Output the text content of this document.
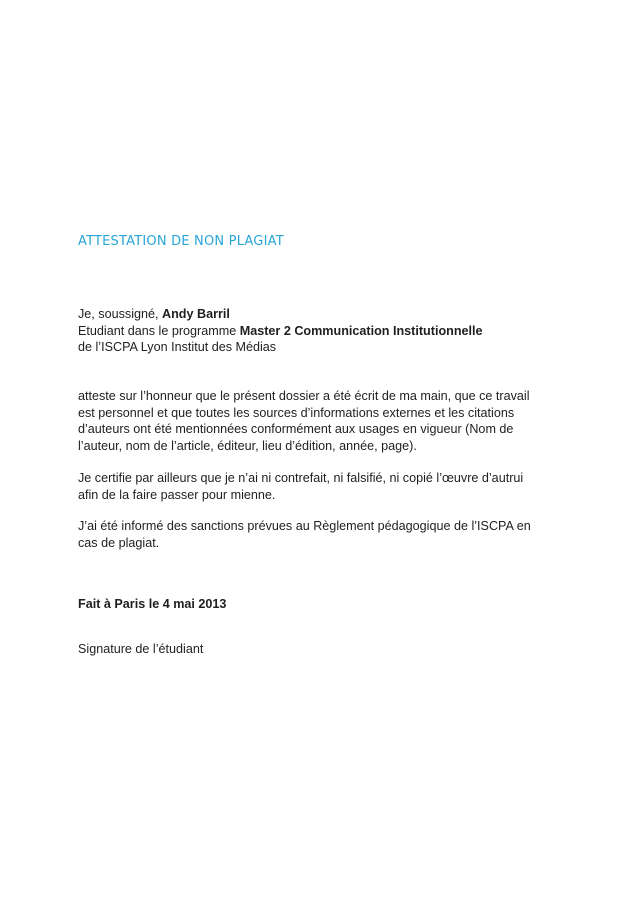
ATTESTATION DE NON PLAGIAT
Je, soussigné, Andy Barril
Etudiant dans le programme Master 2 Communication Institutionnelle
de l’ISCPA Lyon Institut des Médias
atteste sur l’honneur que le présent dossier a été écrit de ma main, que ce travail
est personnel et que toutes les sources d’informations externes et les citations
d’auteurs ont été mentionnées conformément aux usages en vigueur (Nom de
l’auteur, nom de l’article, éditeur, lieu d’édition, année, page).
Je certifie par ailleurs que je n’ai ni contrefait, ni falsifié, ni copié l’œuvre d’autrui
afin de la faire passer pour mienne.
J’ai été informé des sanctions prévues au Règlement pédagogique de l’ISCPA en
cas de plagiat.
Fait à Paris le 4 mai 2013
Signature de l’étudiant
